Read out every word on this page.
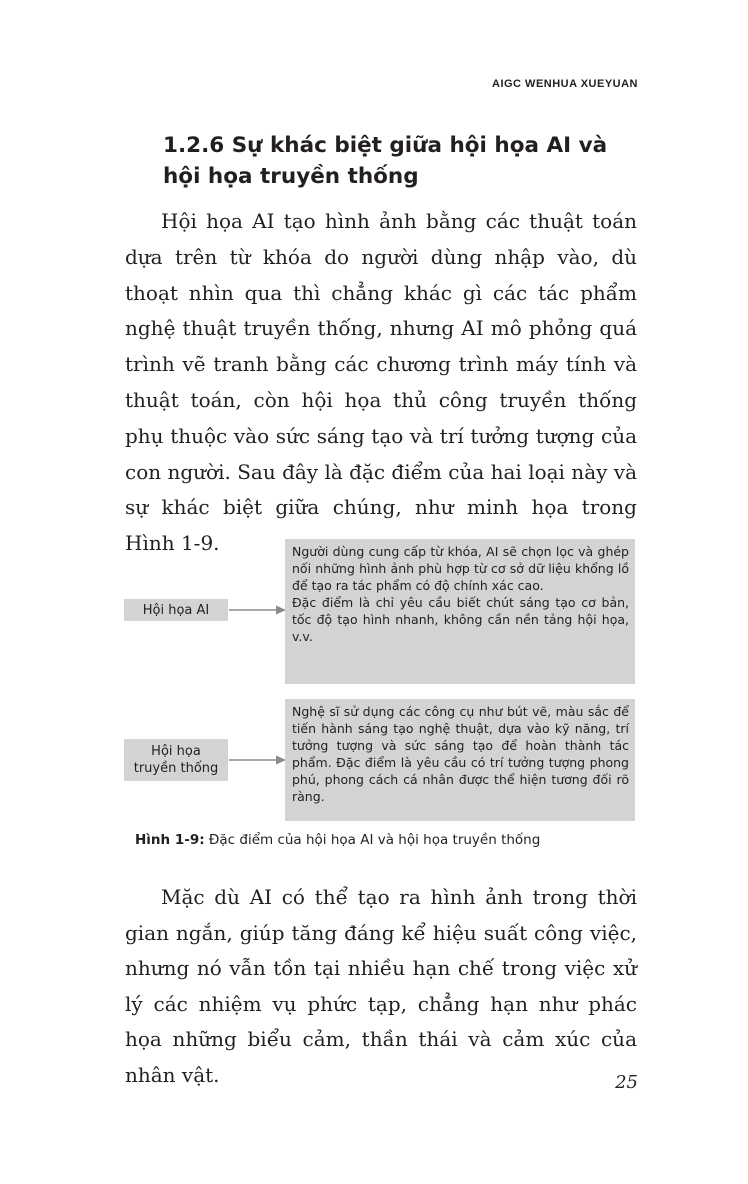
AIGC WENHUA XUEYUAN
1.2.6 Sự khác biệt giữa hội họa AI và hội họa truyền thống

Hội họa AI tạo hình ảnh bằng các thuật toán dựa trên từ khóa do người dùng nhập vào, dù thoạt nhìn qua thì chẳng khác gì các tác phẩm nghệ thuật truyền thống, nhưng AI mô phỏng quá trình vẽ tranh bằng các chương trình máy tính và thuật toán, còn hội họa thủ công truyền thống phụ thuộc vào sức sáng tạo và trí tưởng tượng của con người. Sau đây là đặc điểm của hai loại này và sự khác biệt giữa chúng, như minh họa trong Hình 1-9.

Hội họa AI

Người dùng cung cấp từ khóa, AI sẽ chọn lọc và ghép nối những hình ảnh phù hợp từ cơ sở dữ liệu khổng lồ để tạo ra tác phẩm có độ chính xác cao.

Đặc điểm là chỉ yêu cầu biết chút sáng tạo cơ bản, tốc độ tạo hình nhanh, không cần nền tảng hội họa, v.v.

Hội họa
truyền thống

Nghệ sĩ sử dụng các công cụ như bút vẽ, màu sắc để tiến hành sáng tạo nghệ thuật, dựa vào kỹ năng, trí tưởng tượng và sức sáng tạo để hoàn thành tác phẩm. Đặc điểm là yêu cầu có trí tưởng tượng phong phú, phong cách cá nhân được thể hiện tương đối rõ ràng.

Hình 1-9: Đặc điểm của hội họa AI và hội họa truyền thống

Mặc dù AI có thể tạo ra hình ảnh trong thời gian ngắn, giúp tăng đáng kể hiệu suất công việc, nhưng nó vẫn tồn tại nhiều hạn chế trong việc xử lý các nhiệm vụ phức tạp, chẳng hạn như phác họa những biểu cảm, thần thái và cảm xúc của nhân vật.	25
